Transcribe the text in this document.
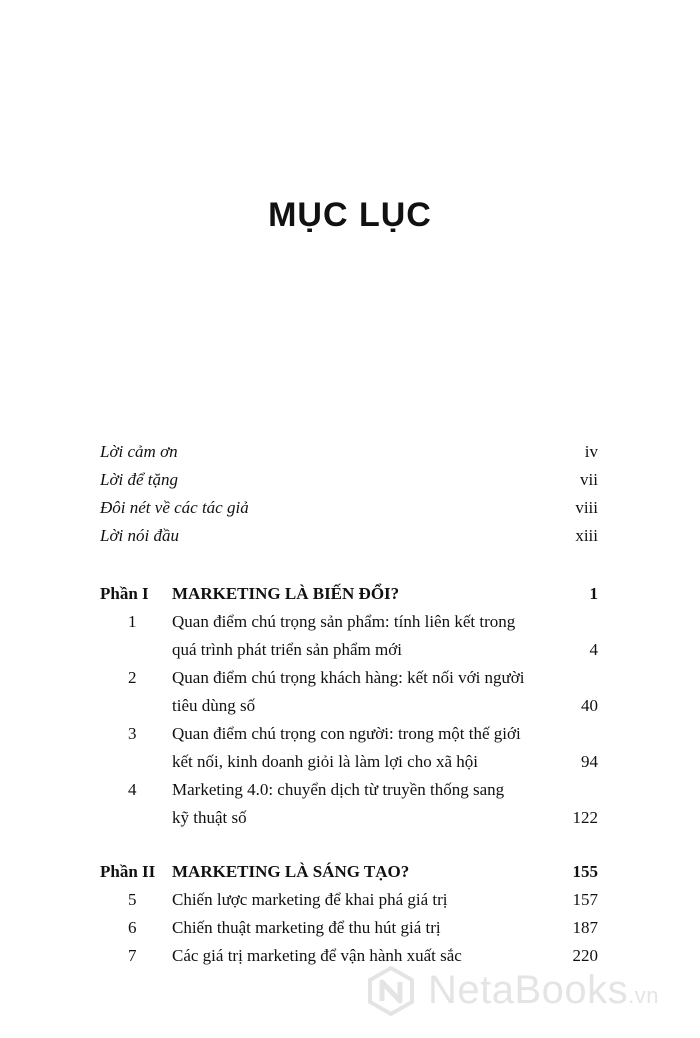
MỤC LỤC
Lời cảm ơn	iv
Lời để tặng	vii
Đôi nét về các tác giả	viii
Lời nói đầu	xiii
Phần I	MARKETING LÀ BIẾN ĐỔI?	1
1	Quan điểm chú trọng sản phẩm: tính liên kết trong
quá trình phát triển sản phẩm mới	4
2	Quan điểm chú trọng khách hàng: kết nối với người
tiêu dùng số	40
3	Quan điểm chú trọng con người: trong một thế giới
kết nối, kinh doanh giỏi là làm lợi cho xã hội	94
4	Marketing 4.0: chuyển dịch từ truyền thống sang
kỹ thuật số	122
Phần II MARKETING LÀ SÁNG TẠO?	155
5	Chiến lược marketing để khai phá giá trị	157
6	Chiến thuật marketing để thu hút giá trị	187
7	Các giá trị marketing để vận hành xuất sắc	220
NetaBooks.vn
